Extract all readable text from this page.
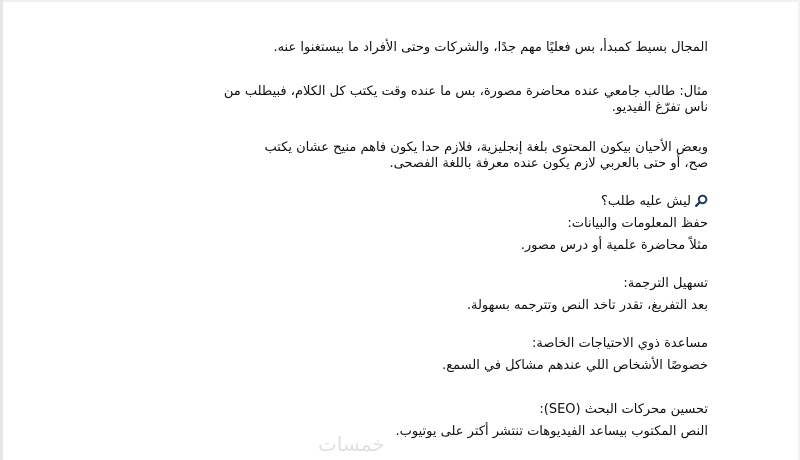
المجال بسيط كمبدأ، بس فعليًا مهم جدًا، والشركات وحتى الأفراد ما بيستغنوا عنه.
مثال: طالب جامعي عنده محاضرة مصورة، بس ما عنده وقت يكتب كل الكلام، فبيطلب من
ناس تفرّغ الفيديو.
وبعض الأحيان بيكون المحتوى بلغة إنجليزية، فلازم حدا يكون فاهم منيح عشان يكتب
صح، أو حتى بالعربي لازم يكون عنده معرفة باللغة الفصحى.
ليش عليه طلب؟
حفظ المعلومات والبيانات:
مثلاً محاضرة علمية أو درس مصور.
تسهيل الترجمة:
بعد التفريغ، تقدر تاخد النص وتترجمه بسهولة.
مساعدة ذوي الاحتياجات الخاصة:
خصوصًا الأشخاص اللي عندهم مشاكل في السمع.
تحسين محركات البحث (SEO):
النص المكتوب بيساعد الفيديوهات تنتشر أكتر على يوتيوب.
خمسات
